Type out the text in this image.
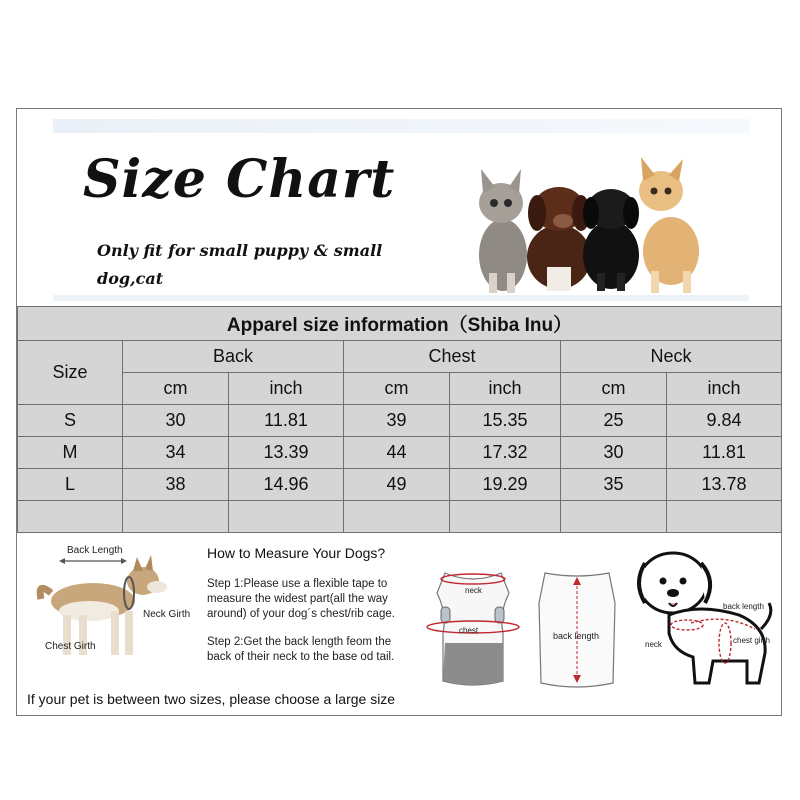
Size Chart
Only fit for small puppy & small dog,cat
Apparel size information（Shiba Inu）						
Size	Back		Chest		Neck	
	cm	inch	cm	inch	cm	inch
S	30	11.81	39	15.35	25	9.84
M	34	13.39	44	17.32	30	11.81
L	38	14.96	49	19.29	35	13.78

Back Length
Neck Girth
Chest Girth
How to Measure Your Dogs?
Step 1:Please use a flexible tape to measure the widest part(all the way around) of your dog´s chest/rib cage.
Step 2:Get the back length feom the back of their neck to the base od tail.
neck
chest
back length
back length
neck	chest girth
If your pet is between two sizes, please choose a large size
